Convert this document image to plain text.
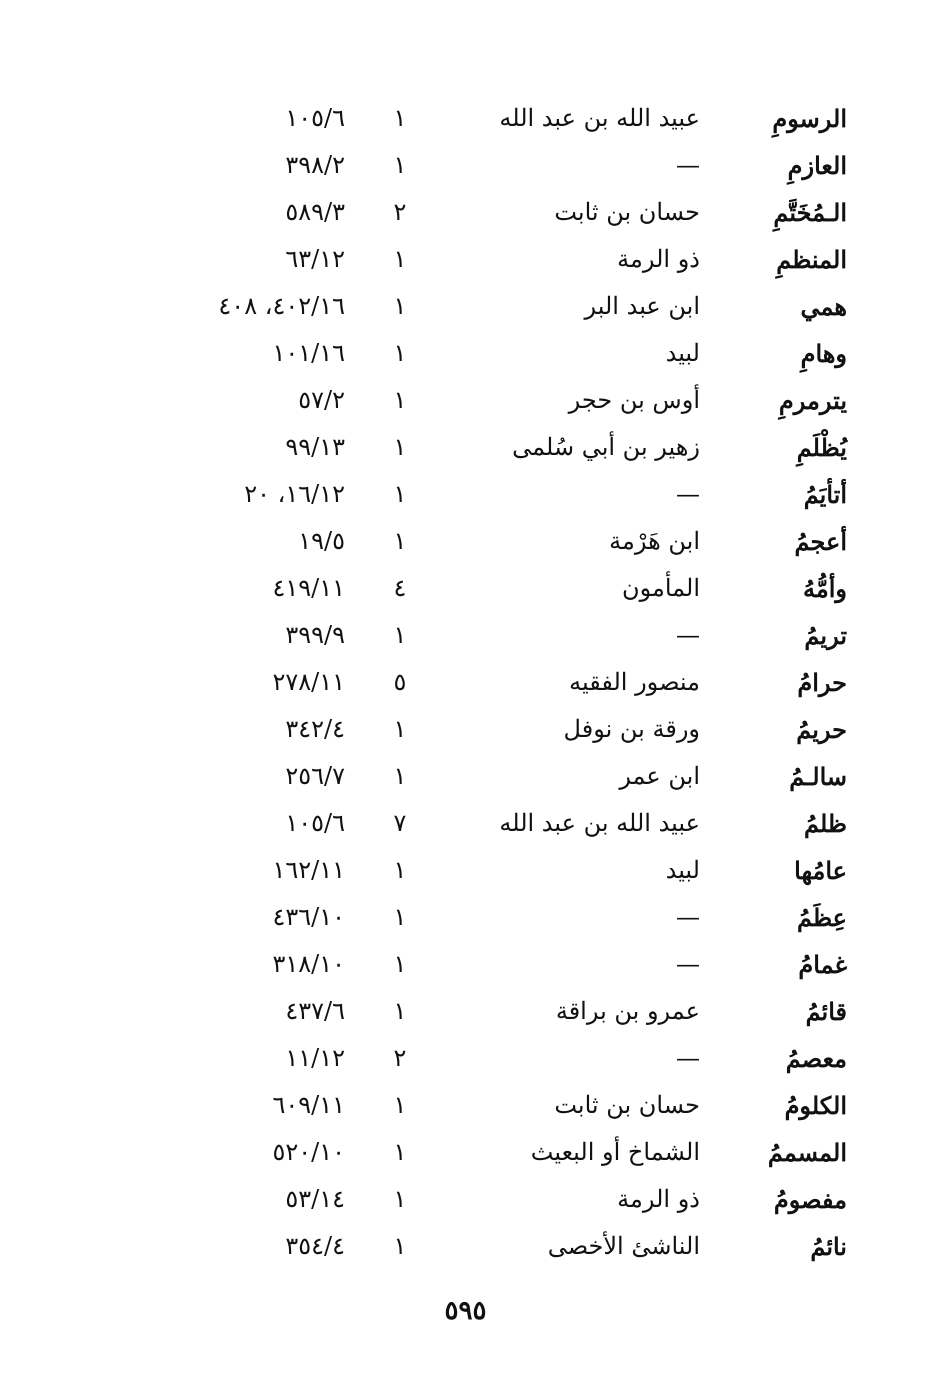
الرسومِ
عبيد الله بن عبد الله
١
١٠٥/٦
العازمِ
—
١
٣٩٨/٢
الـمُخَتَّمِ
حسان بن ثابت
٢
٥٨٩/٣
المنظمِ
ذو الرمة
١
٦٣/١٢
همي
ابن عبد البر
١
٤٠٢/١٦، ٤٠٨
وهامِ
لبيد
١
١٠١/١٦
يترمرمِ
أوس بن حجر
١
٥٧/٢
يُظْلَمِ
زهير بن أبي سُلمى
١
٩٩/١٣
أتأيَمُ
—
١
١٦/١٢، ٢٠
أعجمُ
ابن هَرْمة
١
١٩/٥
وأمُّهُ
المأمون
٤
٤١٩/١١
تريمُ
—
١
٣٩٩/٩
حرامُ
منصور الفقيه
٥
٢٧٨/١١
حريمُ
ورقة بن نوفل
١
٣٤٢/٤
سالـمُ
ابن عمر
١
٢٥٦/٧
ظلمُ
عبيد الله بن عبد الله
٧
١٠٥/٦
عامُها
لبيد
١
١٦٢/١١
عِظَمُ
—
١
٤٣٦/١٠
غمامُ
—
١
٣١٨/١٠
قائمُ
عمرو بن براقة
١
٤٣٧/٦
معصمُ
—
٢
١١/١٢
الكلومُ
حسان بن ثابت
١
٦٠٩/١١
المسممُ
الشماخ أو البعيث
١
٥٢٠/١٠
مفصومُ
ذو الرمة
١
٥٣/١٤
نائمُ
الناشئ الأخصى
١
٣٥٤/٤
٥٩٥
